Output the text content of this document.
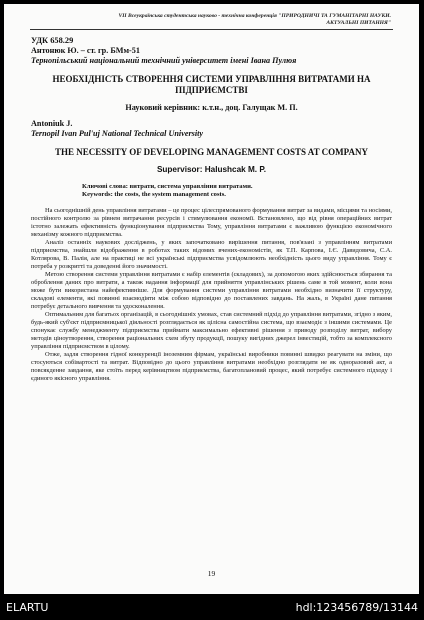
VII Всеукраїнська студентська науково - технічна конференція "ПРИРОДНИЧІ ТА ГУМАНІТАРНІ НАУКИ.
АКТУАЛЬНІ ПИТАННЯ"
УДК 658.29
Антонюк Ю. – ст. гр. БМм-51
Тернопільський національний технічний університет імені Івана Пулюя
НЕОБХІДНІСТЬ СТВОРЕННЯ СИСТЕМИ УПРАВЛІННЯ ВИТРАТАМИ НА ПІДПРИЄМСТВІ
Науковий керівник: к.т.н., доц. Галущак М. П.
Antoniuk J.
Ternopil Ivan Pul'uj National Technical University
THE NECESSITY OF DEVELOPING MANAGEMENT COSTS AT COMPANY
Supervisor: Halushcak M. P.
Ключові слова: витрати, система управління витратами.
Keywords: the costs, the system management costs.

На сьогоднішній день управління витратами – це процес цілеспрямованого формування витрат за видами, місцями та носіями, постійного контролю за рівнем витрачання ресурсів і стимулювання економії. Встановлено, що від рівня операційних витрат істотно залежать ефективність функціонування підприємства Тому, управління витратами є важливою функцією економічного механізму кожного підприємства.

Аналіз останніх наукових досліджень, у яких започатковано вирішення питання, пов'язані з управлінням витратами підприємства, знайшли відображення в роботах таких відомих вчених-економістів, як Т.П. Карпова, І.Є. Давидовича, С.А. Котлярова, В. Палія, але на практиці не всі українські підприємства усвідомлюють необхідність цього виду управління. Тому є потреба у розкритті та доведенні його значимості.

Метою створення системи управління витратами є набір елементів (складових), за допомогою яких здійснюється збирання та оброблення даних про витрати, а також надання інформації для прийняття управлінських рішень саме в той момент, коли вона може бути використана найефективніше. Для формування системи управління витратами необхідно визначити її структуру, складові елементи, які повинні взаємодіяти між собою відповідно до поставлених завдань. На жаль, в Україні дане питання потребує детального вивчення та удосконалення.

Оптимальним для багатьох організацій, в сьогоднішніх умовах, став системний підхід до управління витратами, згідно з яким, будь-який суб'єкт підприємницької діяльності розглядається як цілісна самостійна система, що взаємодіє з іншими системами. Це спонукає службу менеджменту підприємства приймати максимально ефективні рішення з приводу розподілу витрат, вибору методів ціноутворення, створення раціональних схем збуту продукції, пошуку вигідних джерел інвестицій, тобто за комплексного управління підприємством в цілому.

Отже, задля створення гідної конкуренції іноземним фірмам, українські виробники повинні швидко реагувати на зміни, що стосуються собівартості та витрат. Відповідно до цього управління витратами необхідно розглядати не як одноразовий акт, а повсякденне завдання, яке стоїть перед керівництвом підприємства, багатоплановий процес, який потребує системного підходу і єдиного якісного управління.

19
ELARTU	hdl:123456789/13144
